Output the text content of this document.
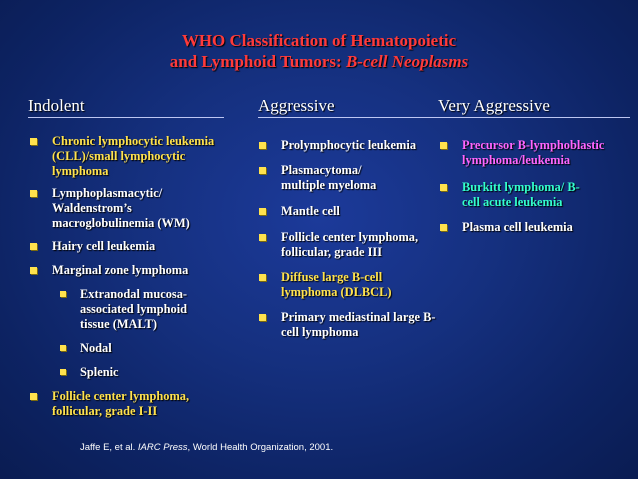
WHO Classification of Hematopoietic
and Lymphoid Tumors: B-cell Neoplasms
Indolent	Aggressive	Very Aggressive
Chronic lymphocytic leukemia (CLL)/small lymphocytic lymphoma
Lymphoplasmacytic/ Waldenstrom’s macroglobulinemia (WM)
Hairy cell leukemia
Marginal zone lymphoma
Extranodal mucosa-associated lymphoid tissue (MALT)
Nodal
Splenic
Follicle center lymphoma, follicular, grade I-II
Prolymphocytic leukemia
Plasmacytoma/ multiple myeloma
Mantle cell
Follicle center lymphoma, follicular, grade III
Diffuse large B-cell lymphoma (DLBCL)
Primary mediastinal large B-cell lymphoma
Precursor B-lymphoblastic lymphoma/leukemia
Burkitt lymphoma/ B-cell acute leukemia
Plasma cell leukemia
Jaffe E, et al. IARC Press, World Health Organization, 2001.
